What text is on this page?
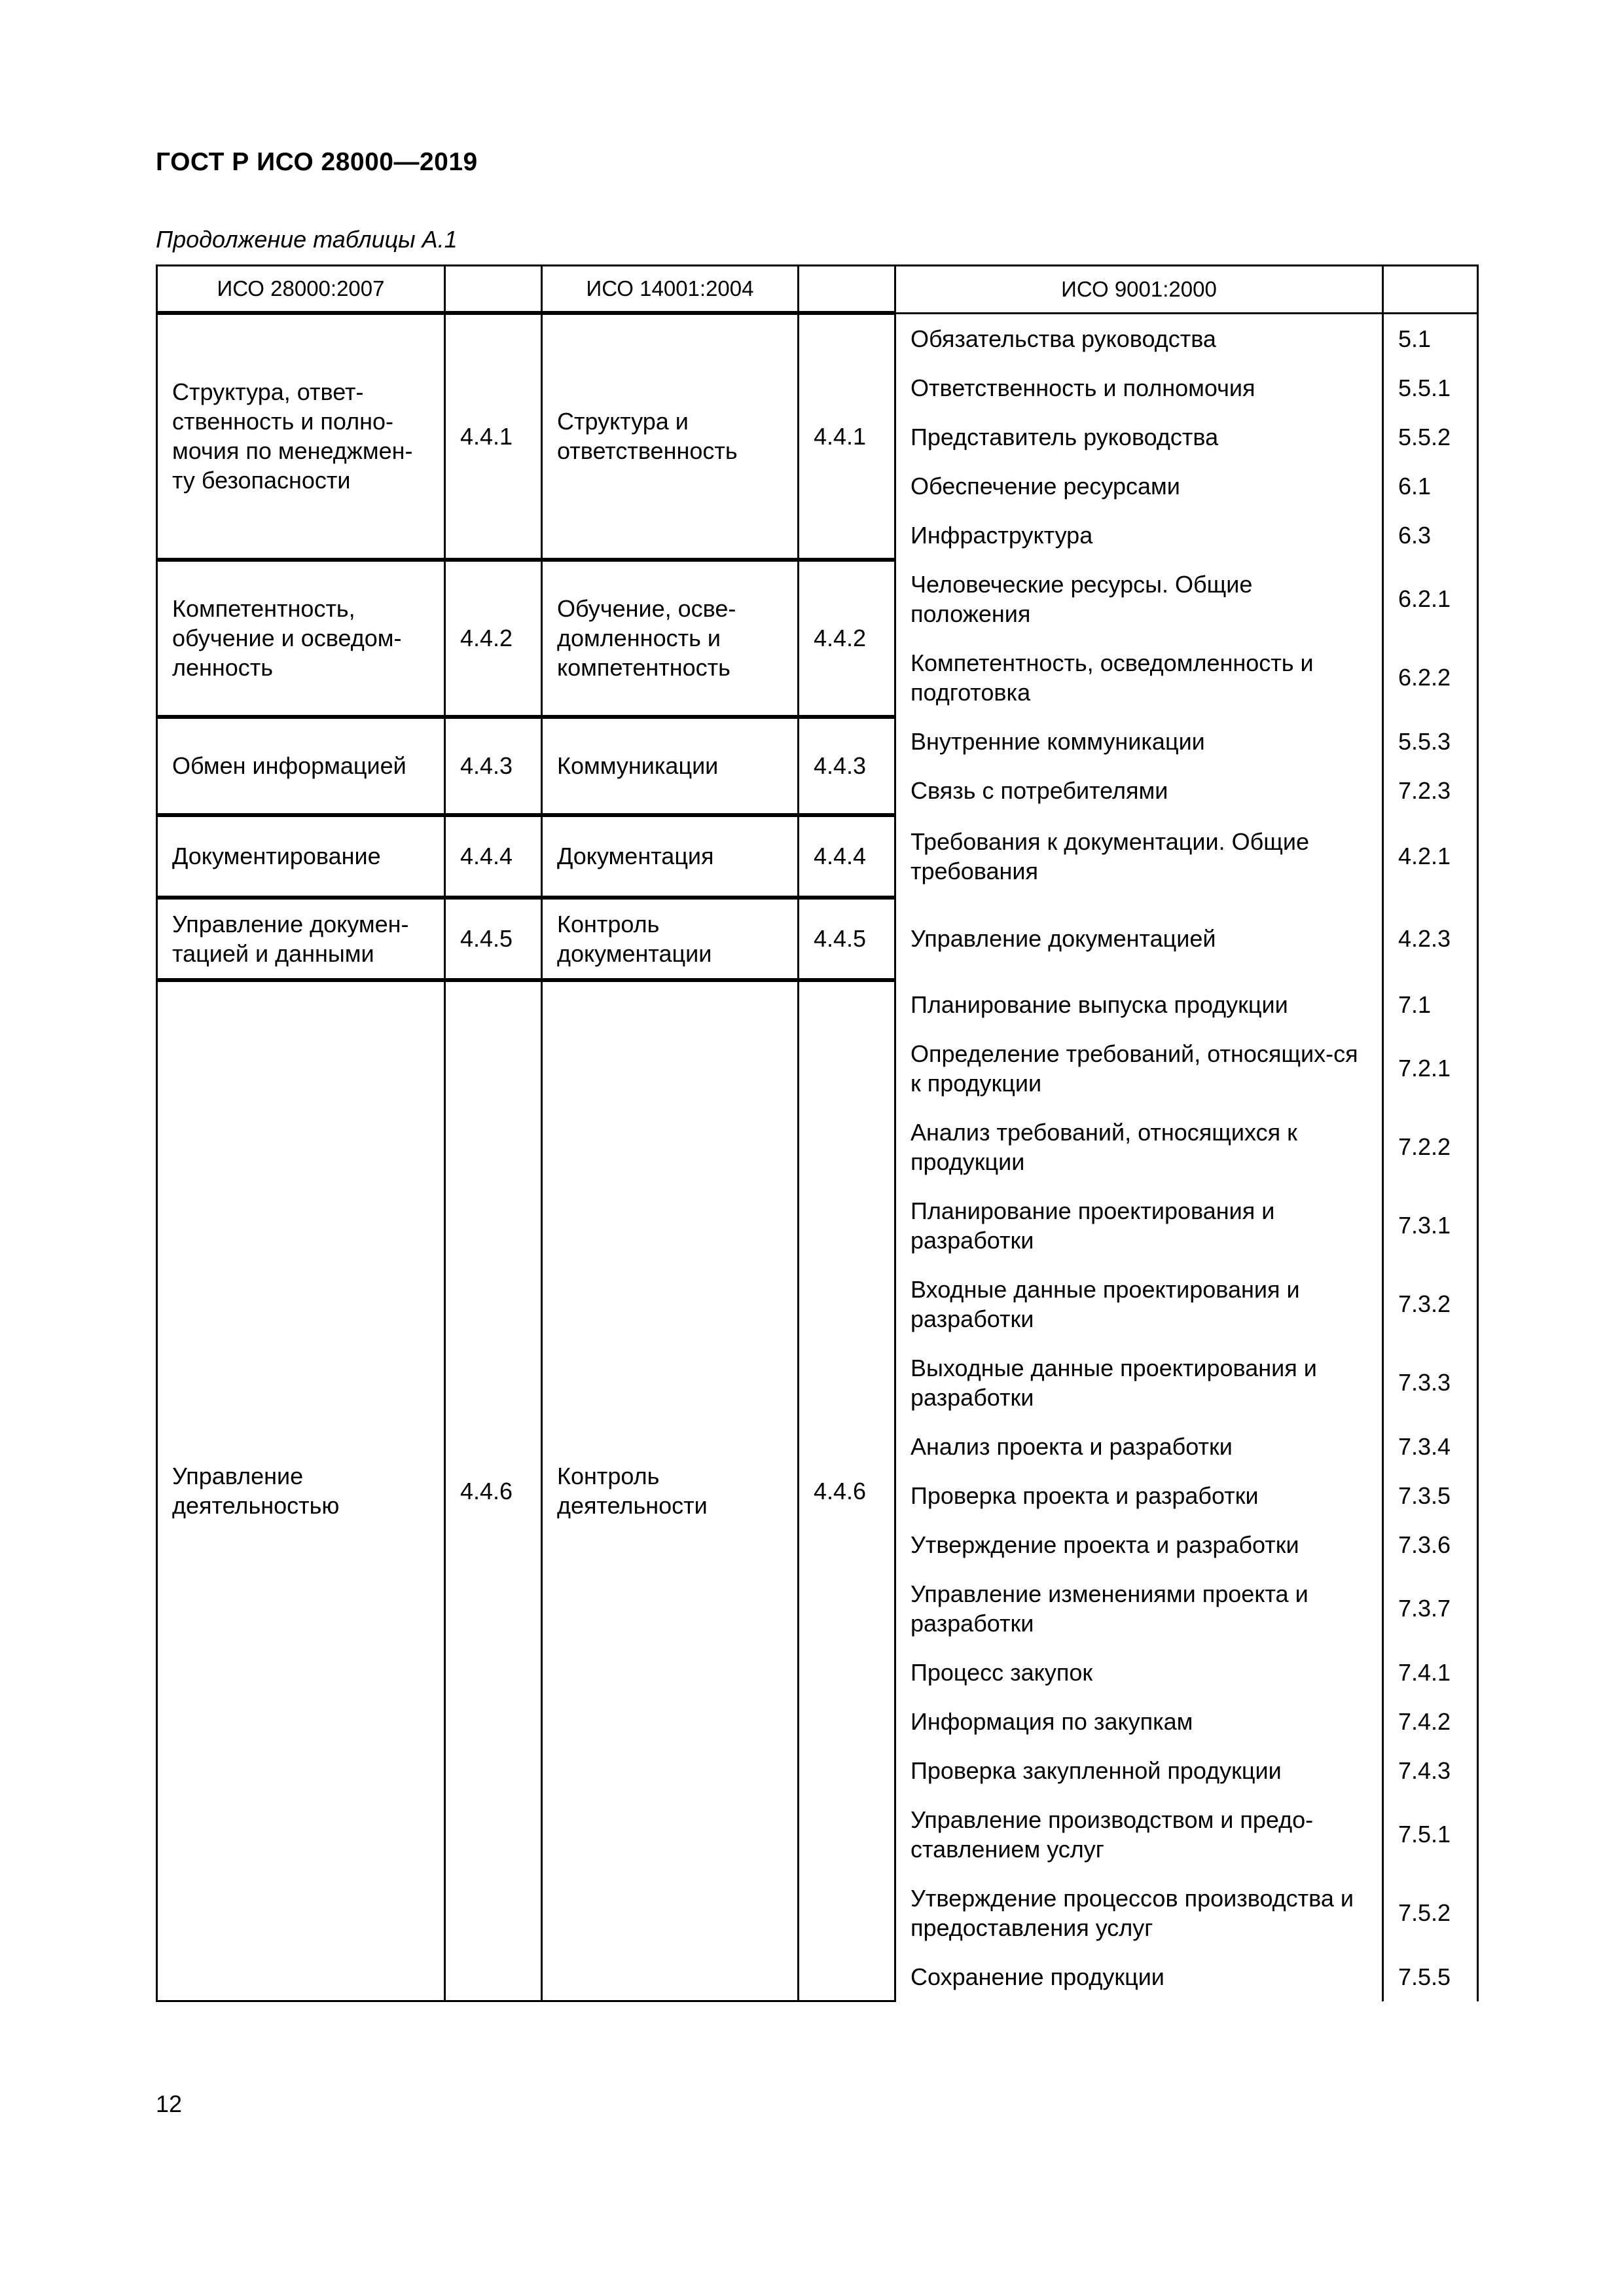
ГОСТ Р ИСО 28000—2019
Продолжение таблицы А.1
ИСО 28000:2007		ИСО 14001:2004		ИСО 9001:2000	
Структура, ответ-ственность и полно-мочия по менеджмен-ту безопасности	4.4.1	Структура и ответственность	4.4.1	Обязательства руководства	5.1
				Ответственность и полномочия	5.5.1
				Представитель руководства	5.5.2
				Обеспечение ресурсами	6.1
				Инфраструктура	6.3
Компетентность, обучение и осведом-ленность	4.4.2	Обучение, осве-домленность и компетентность	4.4.2	Человеческие ресурсы. Общие положения	6.2.1
				Компетентность, осведомленность и подготовка	6.2.2
Обмен информацией	4.4.3	Коммуникации	4.4.3	Внутренние коммуникации	5.5.3
				Связь с потребителями	7.2.3
Документирование	4.4.4	Документация	4.4.4	Требования к документации. Общие требования	4.2.1
Управление докумен-тацией и данными	4.4.5	Контроль документации	4.4.5	Управление документацией	4.2.3
Управление деятельностью	4.4.6	Контроль деятельности	4.4.6	Планирование выпуска продукции	7.1
				Определение требований, относящих-ся к продукции	7.2.1
				Анализ требований, относящихся к продукции	7.2.2
				Планирование проектирования и разработки	7.3.1
				Входные данные проектирования и разработки	7.3.2
				Выходные данные проектирования и разработки	7.3.3
				Анализ проекта и разработки	7.3.4
				Проверка проекта и разработки	7.3.5
				Утверждение проекта и разработки	7.3.6
				Управление изменениями проекта и разработки	7.3.7
				Процесс закупок	7.4.1
				Информация по закупкам	7.4.2
				Проверка закупленной продукции	7.4.3
				Управление производством и предо-ставлением услуг	7.5.1
				Утверждение процессов производства и предоставления услуг	7.5.2
				Сохранение продукции	7.5.5
12
